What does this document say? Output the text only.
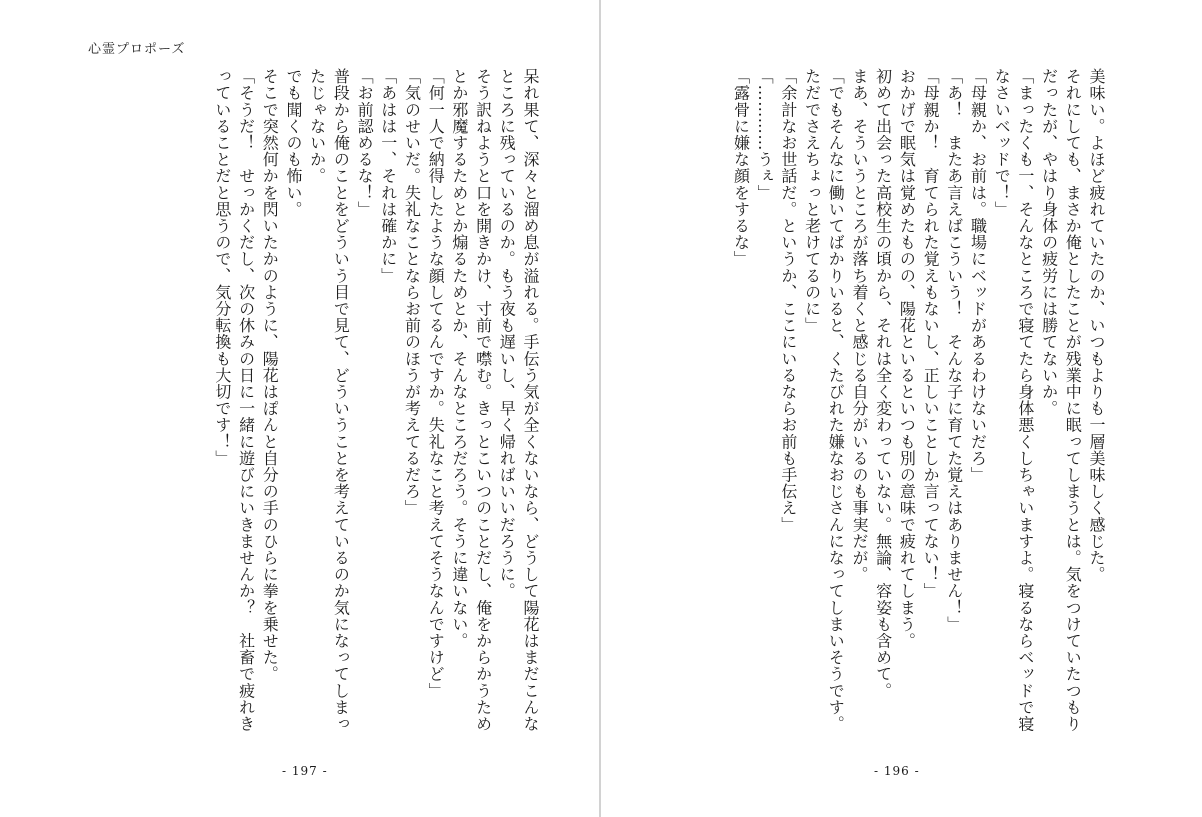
心霊プロポーズ

呆れ果て、深々と溜め息が溢れる。手伝う気が全くないなら、どうして陽花はまだこんなところに残っているのか。もう夜も遅いし、早く帰ればいいだろうに。

そう訳ねようと口を開きかけ、寸前で噤む。きっとこいつのことだし、俺をからかうためとか邪魔するためとか煽るためとか、そんなところだろう。そうに違いない。

「何一人で納得したような顔してるんですか。失礼なこと考えてそうなんですけど」

「気のせいだ。失礼なことならお前のほうが考えてるだろ」

「あはは一、それは確かに」

「お前認めるな！」

普段から俺のことをどういう目で見て、どういうことを考えているのか気になってしまったじゃないか。

でも聞くのも怖い。

そこで突然何かを閃いたかのように、陽花はぽんと自分の手のひらに拳を乗せた。

「そうだ！　せっかくだし、次の休みの日に一緒に遊びにいきませんか？　社畜で疲れきっていることだと思うので、気分転換も大切です！」	美味い。よほど疲れていたのか、いつもよりも一層美味しく感じた。

それにしても、まさか俺としたことが残業中に眠ってしまうとは。気をつけていたつもりだったが、やはり身体の疲労には勝てないか。

「まったくも一、そんなところで寝てたら身体悪くしちゃいますよ。寝るならベッドで寝なさいベッドで！」

「母親か、お前は。職場にベッドがあるわけないだろ」

「あ！　またあ言えばこういう！　そんな子に育てた覚えはありません！」

「母親か！　育てられた覚えもないし、正しいことしか言ってない！」

おかげで眠気は覚めたものの、陽花といるといつも別の意味で疲れてしまう。

初めて出会った高校生の頃から、それは全く変わっていない。無論、容姿も含めて。

まあ、そういうところが落ち着くと感じる自分がいるのも事実だが。

「でもそんなに働いてばかりいると、くたびれた嫌なおじさんになってしまいそうです。ただでさえちょっと老けてるのに」

「余計なお世話だ。というか、ここにいるならお前も手伝え」

「…………うぇ」

「露骨に嫌な顔をするな」

- 197 -	- 196 -
